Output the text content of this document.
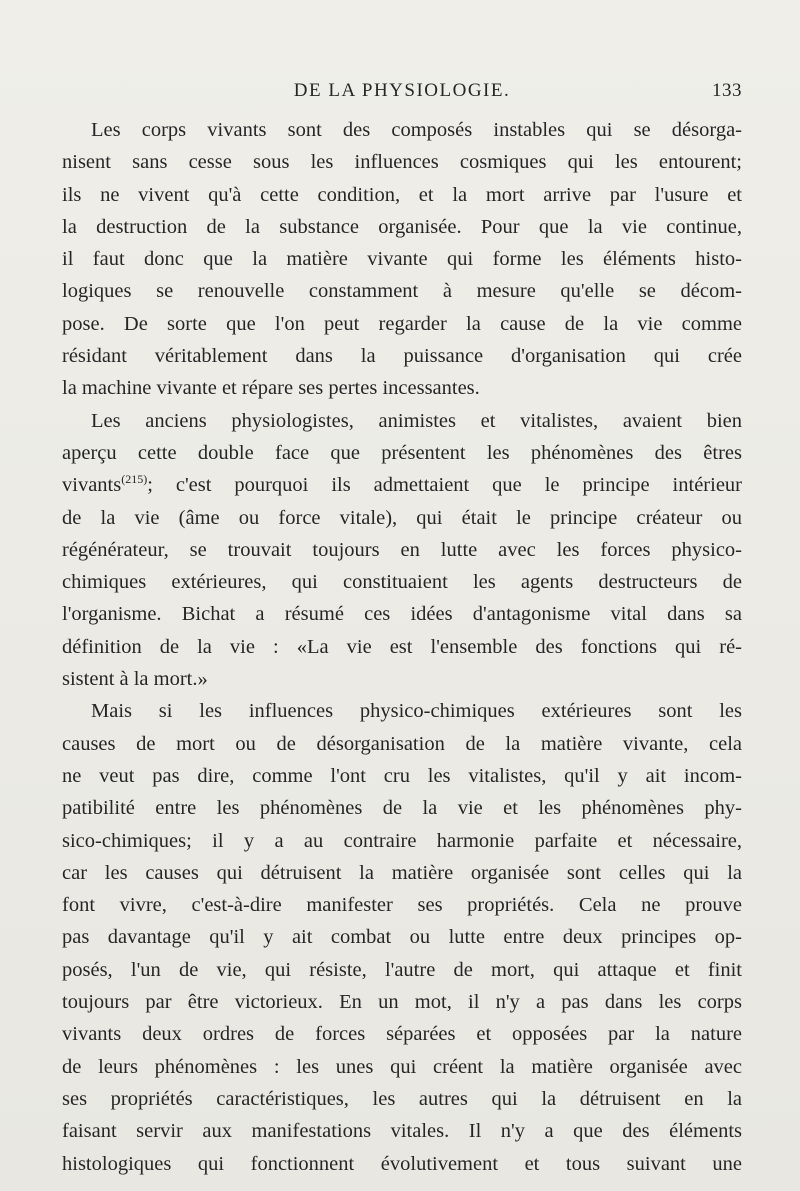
DE LA PHYSIOLOGIE.	133
Les corps vivants sont des composés instables qui se désorga-
nisent sans cesse sous les influences cosmiques qui les entourent;
ils ne vivent qu'à cette condition, et la mort arrive par l'usure et
la destruction de la substance organisée. Pour que la vie continue,
il faut donc que la matière vivante qui forme les éléments histo-
logiques se renouvelle constamment à mesure qu'elle se décom-
pose. De sorte que l'on peut regarder la cause de la vie comme
résidant véritablement dans la puissance d'organisation qui crée
la machine vivante et répare ses pertes incessantes.
Les anciens physiologistes, animistes et vitalistes, avaient bien
aperçu cette double face que présentent les phénomènes des êtres
vivants$^{(215)}$; c'est pourquoi ils admettaient que le principe intérieur
de la vie (âme ou force vitale), qui était le principe créateur ou
régénérateur, se trouvait toujours en lutte avec les forces physico-
chimiques extérieures, qui constituaient les agents destructeurs de
l'organisme. Bichat a résumé ces idées d'antagonisme vital dans sa
définition de la vie : «La vie est l'ensemble des fonctions qui ré-
sistent à la mort.»
Mais si les influences physico-chimiques extérieures sont les
causes de mort ou de désorganisation de la matière vivante, cela
ne veut pas dire, comme l'ont cru les vitalistes, qu'il y ait incom-
patibilité entre les phénomènes de la vie et les phénomènes phy-
sico-chimiques; il y a au contraire harmonie parfaite et nécessaire,
car les causes qui détruisent la matière organisée sont celles qui la
font vivre, c'est-à-dire manifester ses propriétés. Cela ne prouve
pas davantage qu'il y ait combat ou lutte entre deux principes op-
posés, l'un de vie, qui résiste, l'autre de mort, qui attaque et finit
toujours par être victorieux. En un mot, il n'y a pas dans les corps
vivants deux ordres de forces séparées et opposées par la nature
de leurs phénomènes : les unes qui créent la matière organisée avec
ses propriétés caractéristiques, les autres qui la détruisent en la
faisant servir aux manifestations vitales. Il n'y a que des éléments
histologiques qui fonctionnent évolutivement et tous suivant une
